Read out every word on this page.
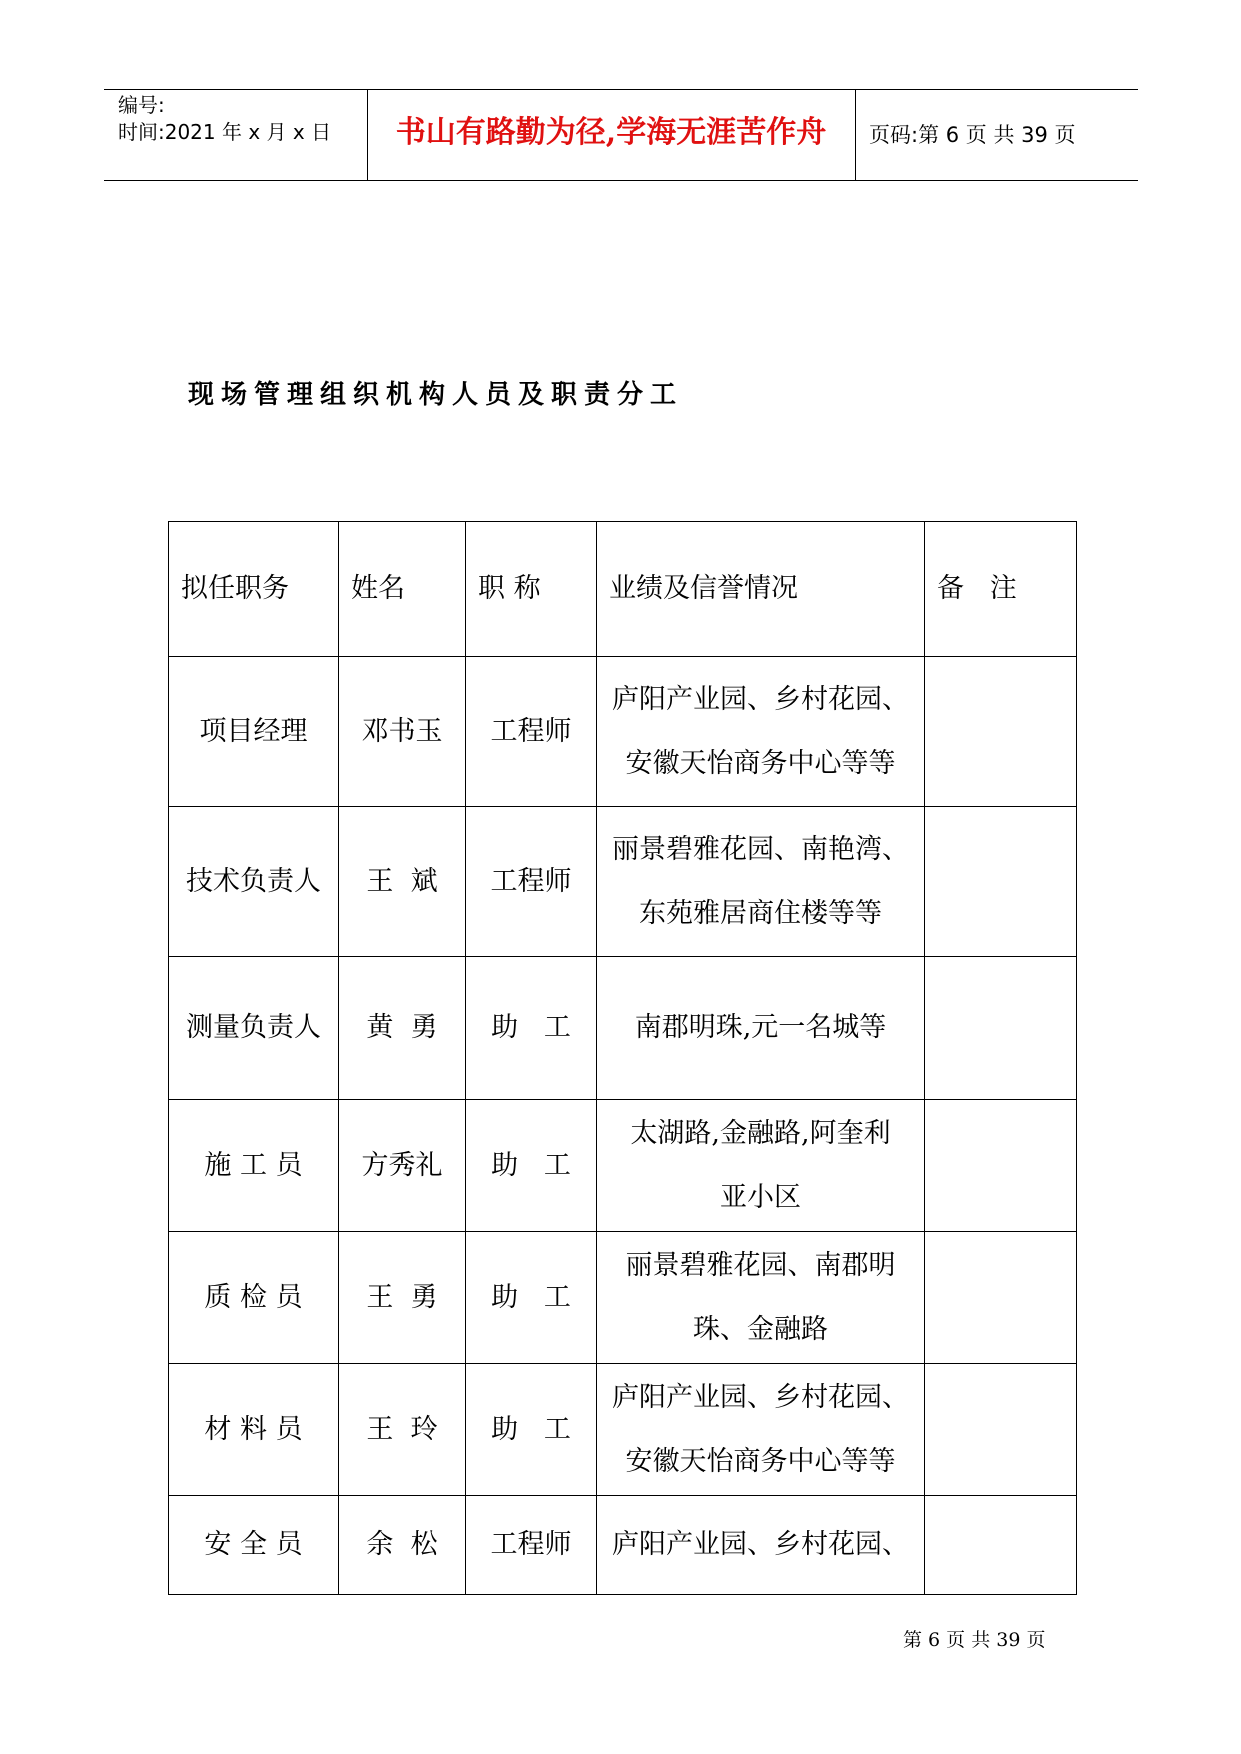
编号:
时间:2021 年 x 月 x 日	书山有路勤为径,学海无涯苦作舟	页码:第 6 页 共 39 页
现场管理组织机构人员及职责分工
拟任职务	姓名	职 称	业绩及信誉情况	备   注
项目经理	邓书玉	工程师	庐阳产业园、乡村花园、安徽天怡商务中心等等	
技术负责人	王  斌	工程师	丽景碧雅花园、南艳湾、东苑雅居商住楼等等	
测量负责人	黄  勇	助   工	南郡明珠,元一名城等	
施 工 员	方秀礼	助   工	太湖路,金融路,阿奎利亚小区	
质 检 员	王  勇	助   工	丽景碧雅花园、南郡明珠、金融路	
材 料 员	王  玲	助   工	庐阳产业园、乡村花园、安徽天怡商务中心等等	
安 全 员	余  松	工程师	庐阳产业园、乡村花园、	
第 6 页 共 39 页
